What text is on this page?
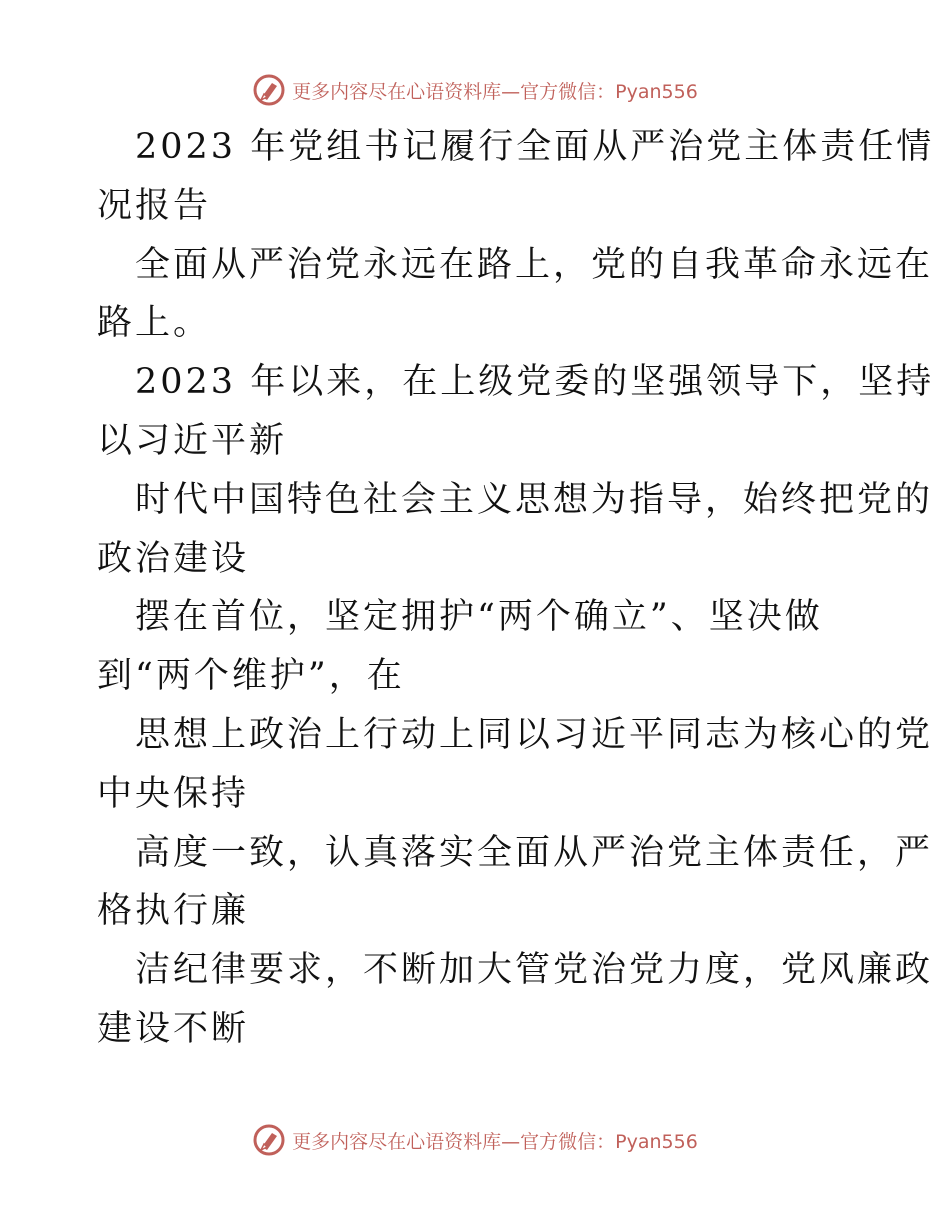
更多内容尽在心语资料库—官方微信：Pyan556
2023 年党组书记履行全面从严治党主体责任情
况报告
全面从严治党永远在路上，党的自我革命永远在
路上。
2023 年以来，在上级党委的坚强领导下，坚持
以习近平新
时代中国特色社会主义思想为指导，始终把党的
政治建设
摆在首位，坚定拥护“两个确立”、坚决做
到“两个维护”，在
思想上政治上行动上同以习近平同志为核心的党
中央保持
高度一致，认真落实全面从严治党主体责任，严
格执行廉
洁纪律要求，不断加大管党治党力度，党风廉政
建设不断
更多内容尽在心语资料库—官方微信：Pyan556
